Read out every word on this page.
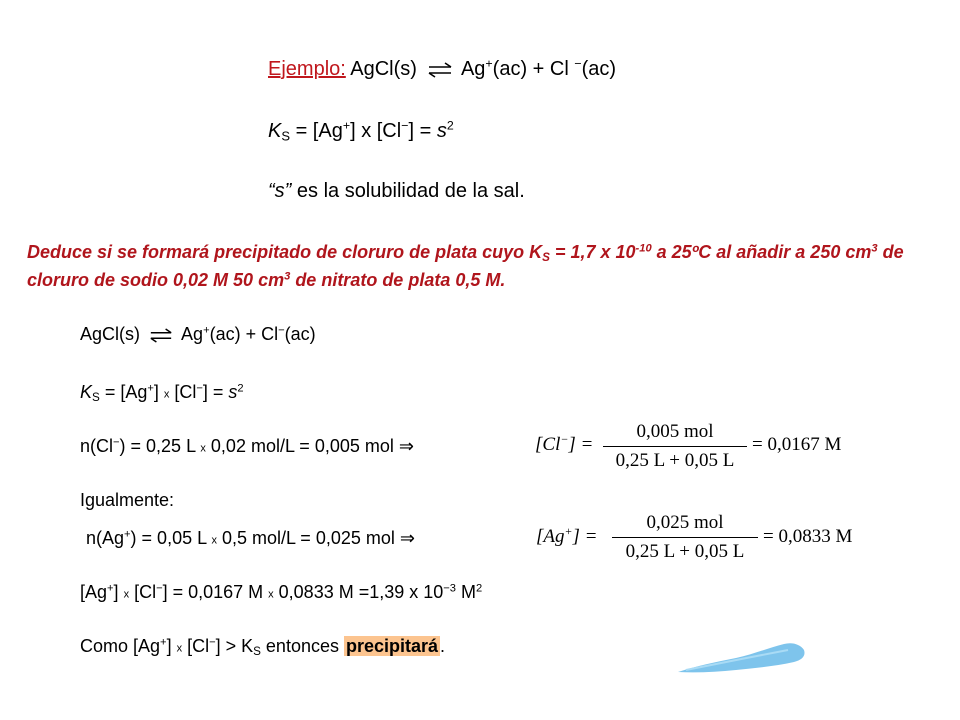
Ejemplo: AgCl(s) ⇌ Ag+(ac) + Cl −(ac)
$K_S = [Ag^+]$ x $[Cl^-] = s^2$
“s” es la solubilidad de la sal.
Deduce si se formará precipitado de cloruro de plata cuyo $K_S = 1,7$ x $10^{-10}$ a 25ºC al añadir a 250 $cm^3$ de cloruro de sodio 0,02 M 50 $cm^3$ de nitrato de plata 0,5 M.
AgCl(s) ⇌ Ag+(ac) + Cl−(ac)
$K_S = [Ag^+]$ x $[Cl^-] = s^2$
n(Cl−) = 0,25 L x 0,02 mol/L = 0,005 mol ⇒	[Cl−] =
0,005 mol
0,25 L + 0,05 L
= 0,0167 M
Igualmente:
n(Ag+) = 0,05 L x 0,5 mol/L = 0,025 mol ⇒	[Ag+] =
0,025 mol
0,25 L + 0,05 L
= 0,0833 M
[Ag+] x [Cl−] = 0,0167 M x 0,0833 M =1,39 x $10^{-3}$ $M^2$
Como [Ag+] x $[Cl^-] > K_S$ entonces precipitará .
